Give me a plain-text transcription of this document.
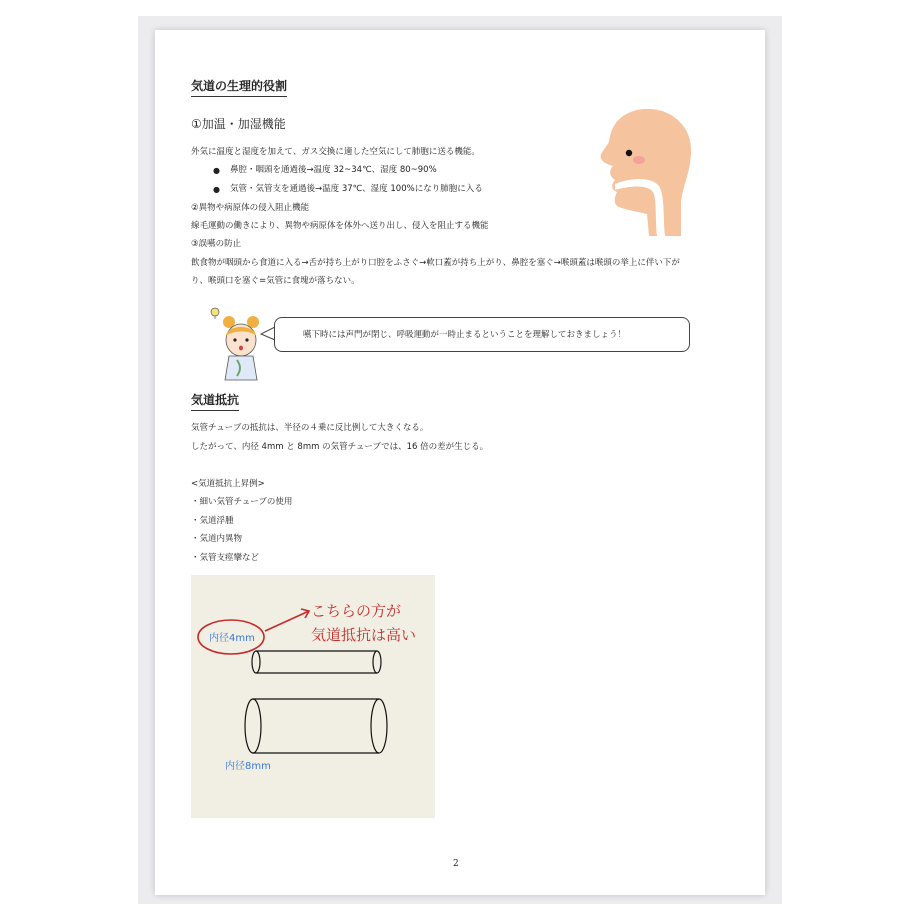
気道の生理的役割
①加温・加湿機能
外気に温度と湿度を加えて、ガス交換に適した空気にして肺胞に送る機能。
● 鼻腔・咽頭を通過後→温度 32~34℃、湿度 80~90%
● 気管・気管支を通過後→温度 37℃、湿度 100%になり肺胞に入る
②異物や病原体の侵入阻止機能
線毛運動の働きにより、異物や病原体を体外へ送り出し、侵入を阻止する機能
③誤嚥の防止
飲食物が咽頭から食道に入る→舌が持ち上がり口腔をふさぐ→軟口蓋が持ち上がり、鼻腔を塞ぐ→喉頭蓋は喉頭の挙上に伴い下が
り、喉頭口を塞ぐ=気管に食塊が落ちない。
嚥下時には声門が閉じ、呼吸運動が一時止まるということを理解しておきましょう！
気道抵抗
気管チューブの抵抗は、半径の４乗に反比例して大きくなる。
したがって、内径 4mm と 8mm の気管チューブでは、16 倍の差が生じる。
<気道抵抗上昇例>
・細い気管チューブの使用
・気道浮腫
・気道内異物
・気管支痙攣など
内径4mm
こちらの方が
気道抵抗は高い
内径8mm
2
